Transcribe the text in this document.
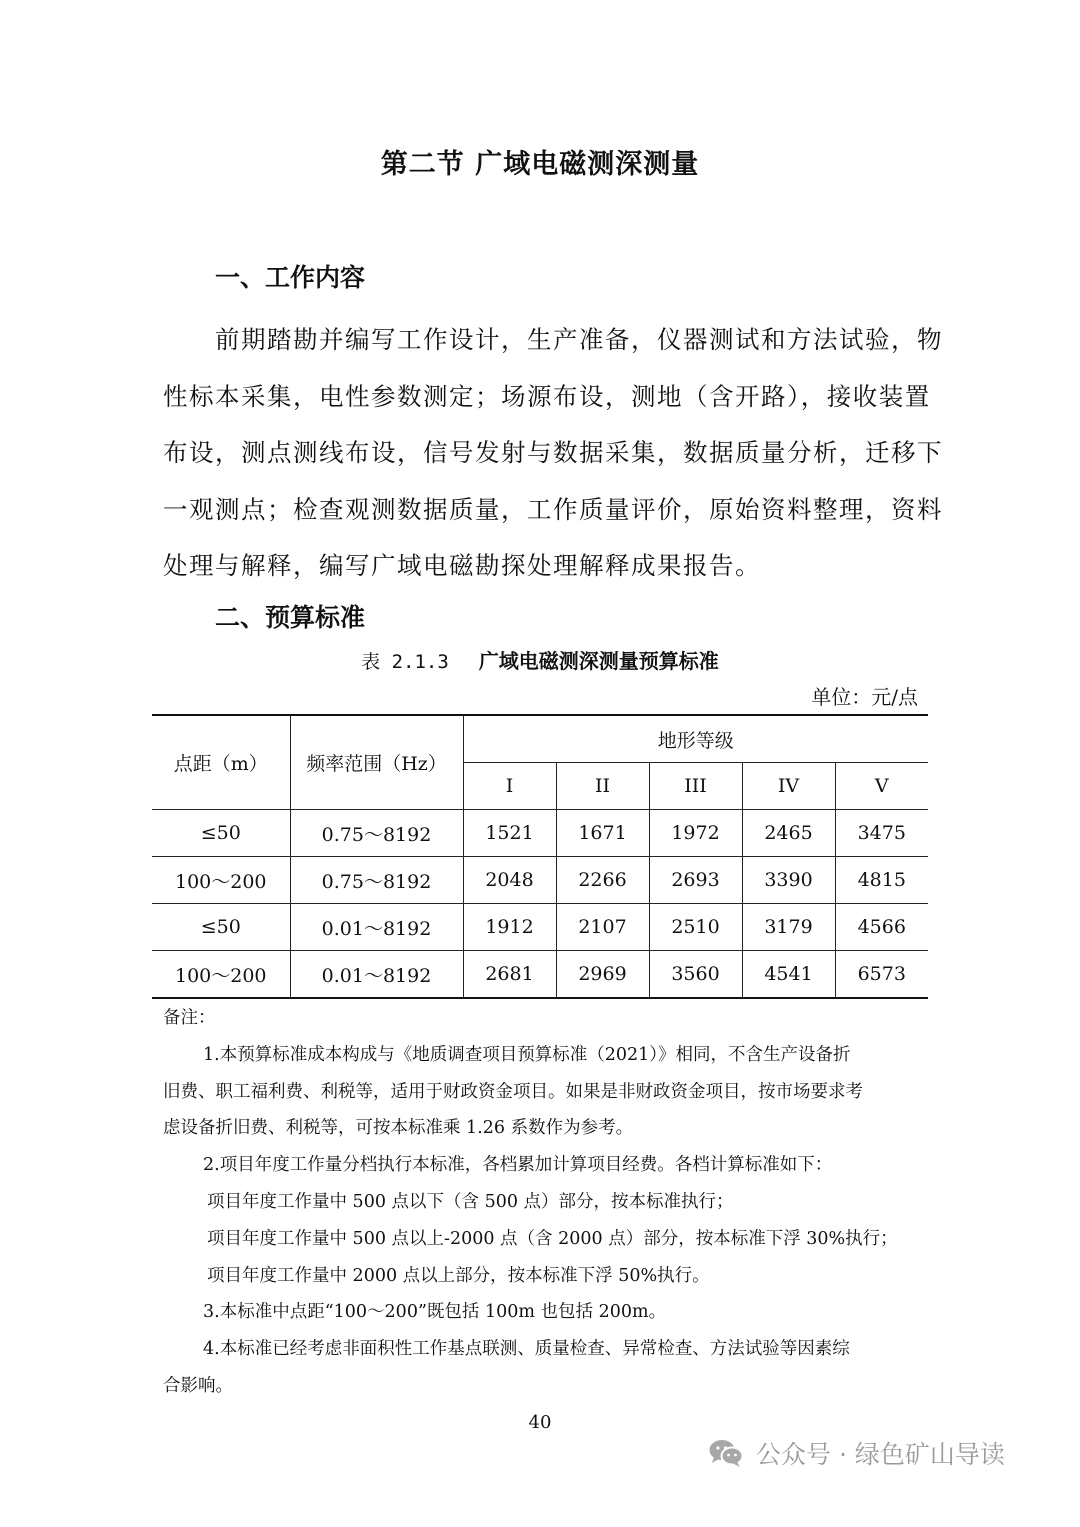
第二节 广域电磁测深测量
一、工作内容
前期踏勘并编写工作设计，生产准备，仪器测试和方法试验，物
性标本采集，电性参数测定；场源布设，测地（含开路），接收装置
布设，测点测线布设，信号发射与数据采集，数据质量分析，迁移下
一观测点；检查观测数据质量，工作质量评价，原始资料整理，资料
处理与解释，编写广域电磁勘探处理解释成果报告。
二、预算标准
表 2.1.3 广域电磁测深测量预算标准
单位：元/点
点距（m）	频率范围（Hz）	地形等级				
		I	II	III	IV	V
≤50	0.75～8192	1521	1671	1972	2465	3475
100～200	0.75～8192	2048	2266	2693	3390	4815
≤50	0.01～8192	1912	2107	2510	3179	4566
100～200	0.01～8192	2681	2969	3560	4541	6573
备注：
1.本预算标准成本构成与《地质调查项目预算标准（2021）》相同，不含生产设备折
旧费、职工福利费、利税等，适用于财政资金项目。如果是非财政资金项目，按市场要求考
虑设备折旧费、利税等，可按本标准乘 1.26 系数作为参考。
2.项目年度工作量分档执行本标准，各档累加计算项目经费。各档计算标准如下：
项目年度工作量中 500 点以下（含 500 点）部分，按本标准执行；
项目年度工作量中 500 点以上-2000 点（含 2000 点）部分，按本标准下浮 30%执行；
项目年度工作量中 2000 点以上部分，按本标准下浮 50%执行。
3.本标准中点距“100～200”既包括 100m 也包括 200m。
4.本标准已经考虑非面积性工作基点联测、质量检查、异常检查、方法试验等因素综
合影响。
40
公众号 · 绿色矿山导读
